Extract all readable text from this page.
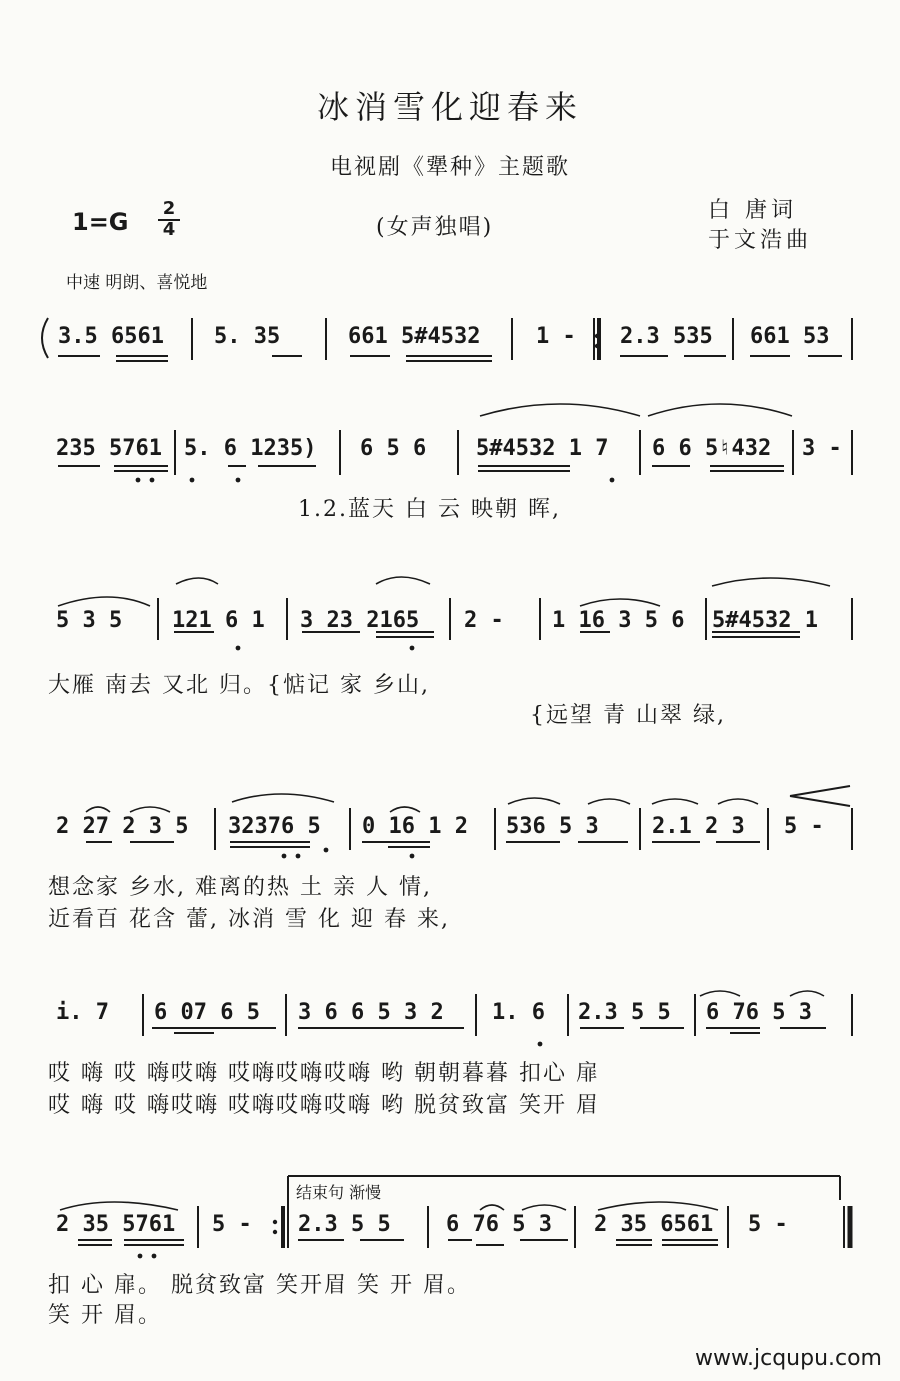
冰消雪化迎春来
电视剧《犟种》主题歌
1=G 2
4	(女声独唱)
白 唐词
于文浩曲
中速 明朗、喜悦地
3.5 6561 5. 35	661 5#4532	1 - 2.3 535 661 53
235 5761 5. 6 1235) 6 5 6 5#4532 1 7 6 6 5♮432 3 -
1.2.蓝天 白 云 映朝 晖,
5 3 5 121 6 1 3 23 2165 2 - 1 16 3 5 6 5#4532 1
大雁 南去 又北 归。{惦记 家 乡山,
{远望 青 山翠 绿,
2 27 2 3 5 32376 5 0 16 1 2 536 5 3 2.1 2 3 5 -
想念家 乡水, 难离的热 土 亲 人 情,
近看百 花含 蕾, 冰消 雪 化 迎 春 来,
i. 7 6 07 6 5 3 6 6 5 3 2 1. 6 2.3 5 5 6 76 5 3
哎 嗨 哎 嗨哎嗨 哎嗨哎嗨哎嗨 哟 朝朝暮暮 扣心 扉
哎 嗨 哎 嗨哎嗨 哎嗨哎嗨哎嗨 哟 脱贫致富 笑开 眉
结束句 渐慢
2 35 5761 5 - 2.3 5 5	6 76 5 3 2 35 6561 5 -
扣 心 扉。 脱贫致富 笑开眉 笑 开 眉。
笑 开 眉。
www.jcqupu.com
